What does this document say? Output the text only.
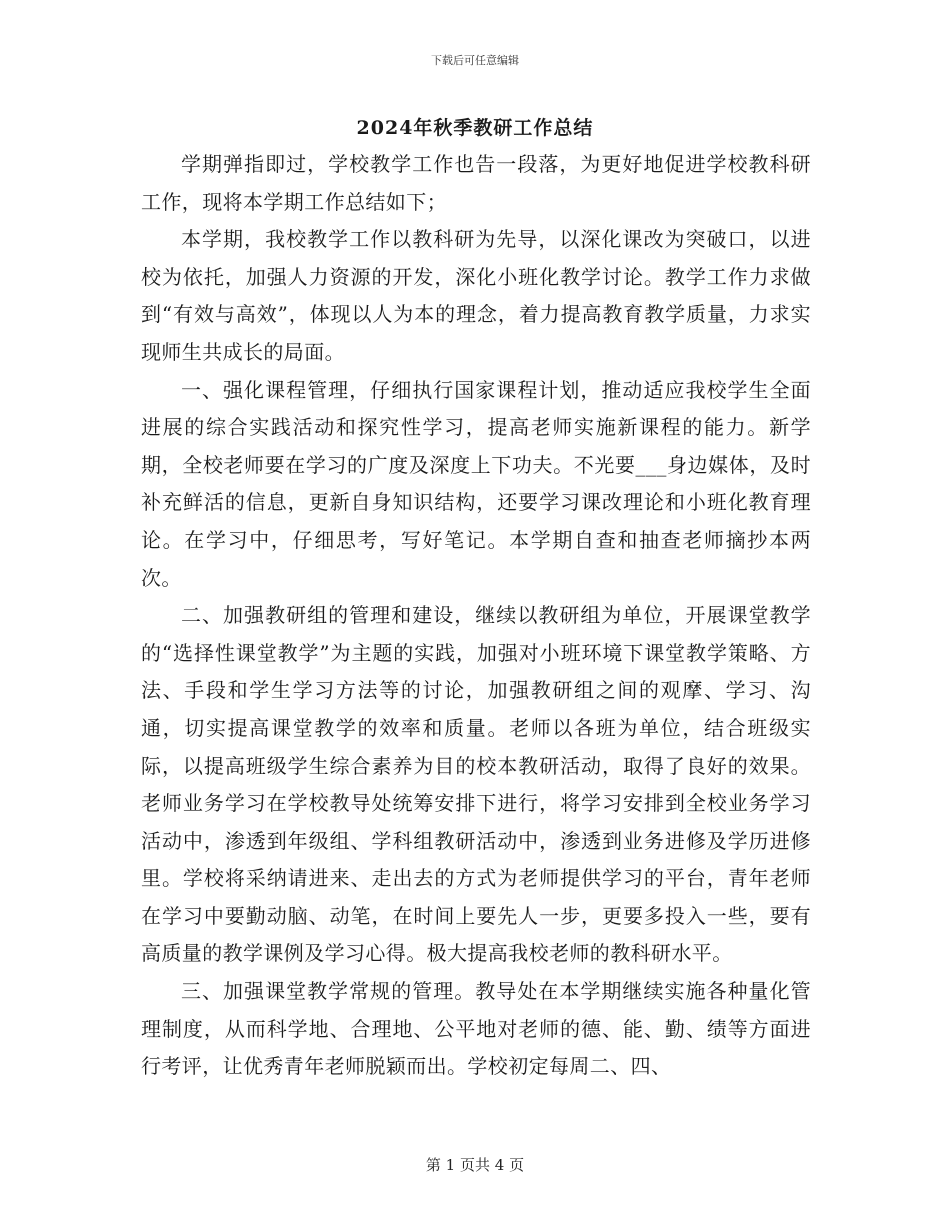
下载后可任意编辑
2024年秋季教研工作总结

学期弹指即过，学校教学工作也告一段落，为更好地促进学校教科研工作，现将本学期工作总结如下；

本学期，我校教学工作以教科研为先导，以深化课改为突破口，以进校为依托，加强人力资源的开发，深化小班化教学讨论。教学工作力求做到“有效与高效”，体现以人为本的理念，着力提高教育教学质量，力求实现师生共成长的局面。

一、强化课程管理，仔细执行国家课程计划，推动适应我校学生全面进展的综合实践活动和探究性学习，提高老师实施新课程的能力。新学期，全校老师要在学习的广度及深度上下功夫。不光要___身边媒体，及时补充鲜活的信息，更新自身知识结构，还要学习课改理论和小班化教育理论。在学习中，仔细思考，写好笔记。本学期自查和抽查老师摘抄本两次。

二、加强教研组的管理和建设，继续以教研组为单位，开展课堂教学的“选择性课堂教学”为主题的实践，加强对小班环境下课堂教学策略、方法、手段和学生学习方法等的讨论，加强教研组之间的观摩、学习、沟通，切实提高课堂教学的效率和质量。老师以各班为单位，结合班级实际，以提高班级学生综合素养为目的校本教研活动，取得了良好的效果。老师业务学习在学校教导处统筹安排下进行，将学习安排到全校业务学习活动中，渗透到年级组、学科组教研活动中，渗透到业务进修及学历进修里。学校将采纳请进来、走出去的方式为老师提供学习的平台，青年老师在学习中要勤动脑、动笔，在时间上要先人一步，更要多投入一些，要有高质量的教学课例及学习心得。极大提高我校老师的教科研水平。

三、加强课堂教学常规的管理。教导处在本学期继续实施各种量化管理制度，从而科学地、合理地、公平地对老师的德、能、勤、绩等方面进行考评，让优秀青年老师脱颖而出。学校初定每周二、四、

第 1 页共 4 页
